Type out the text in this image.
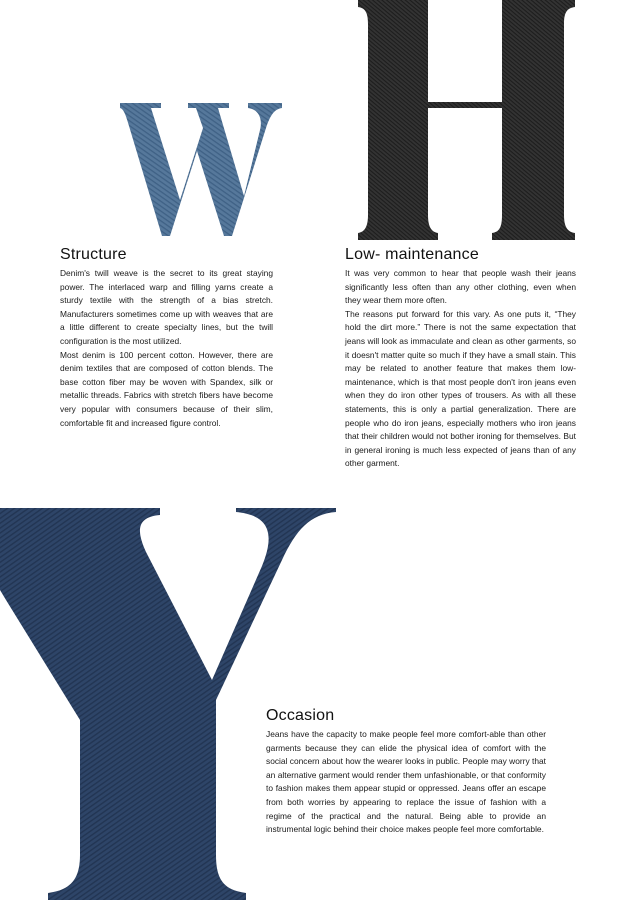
Structure

Denim's twill weave is the secret to its great staying power. The interlaced warp and filling yarns create a sturdy textile with the strength of a bias stretch. Manufacturers sometimes come up with weaves that are a little different to create specialty lines, but the twill configuration is the most utilized.

Most denim is 100 percent cotton. However, there are denim textiles that are composed of cotton blends. The base cotton fiber may be woven with Spandex, silk or metallic threads. Fabrics with stretch fibers have become very popular with consumers because of their slim, comfortable fit and increased figure control.

Low- maintenance

It was very common to hear that people wash their jeans significantly less often than any other clothing, even when they wear them more often.

The reasons put forward for this vary. As one puts it, “They hold the dirt more.” There is not the same expectation that jeans will look as immaculate and clean as other garments, so it doesn't matter quite so much if they have a small stain. This may be related to another feature that makes them low- maintenance, which is that most people don't iron jeans even when they do iron other types of trousers. As with all these statements, this is only a partial generalization. There are people who do iron jeans, especially mothers who iron jeans that their children would not bother ironing for themselves. But in general ironing is much less expected of jeans than of any other garment.

Occasion

Jeans have the capacity to make people feel more comfort-able than other garments because they can elide the physical idea of comfort with the social concern about how the wearer looks in public. People may worry that an alternative garment would render them unfashionable, or that conformity to fashion makes them appear stupid or oppressed. Jeans offer an escape from both worries by appearing to replace the issue of fashion with a regime of the practical and the natural. Being able to provide an instrumental logic behind their choice makes people feel more comfortable.
